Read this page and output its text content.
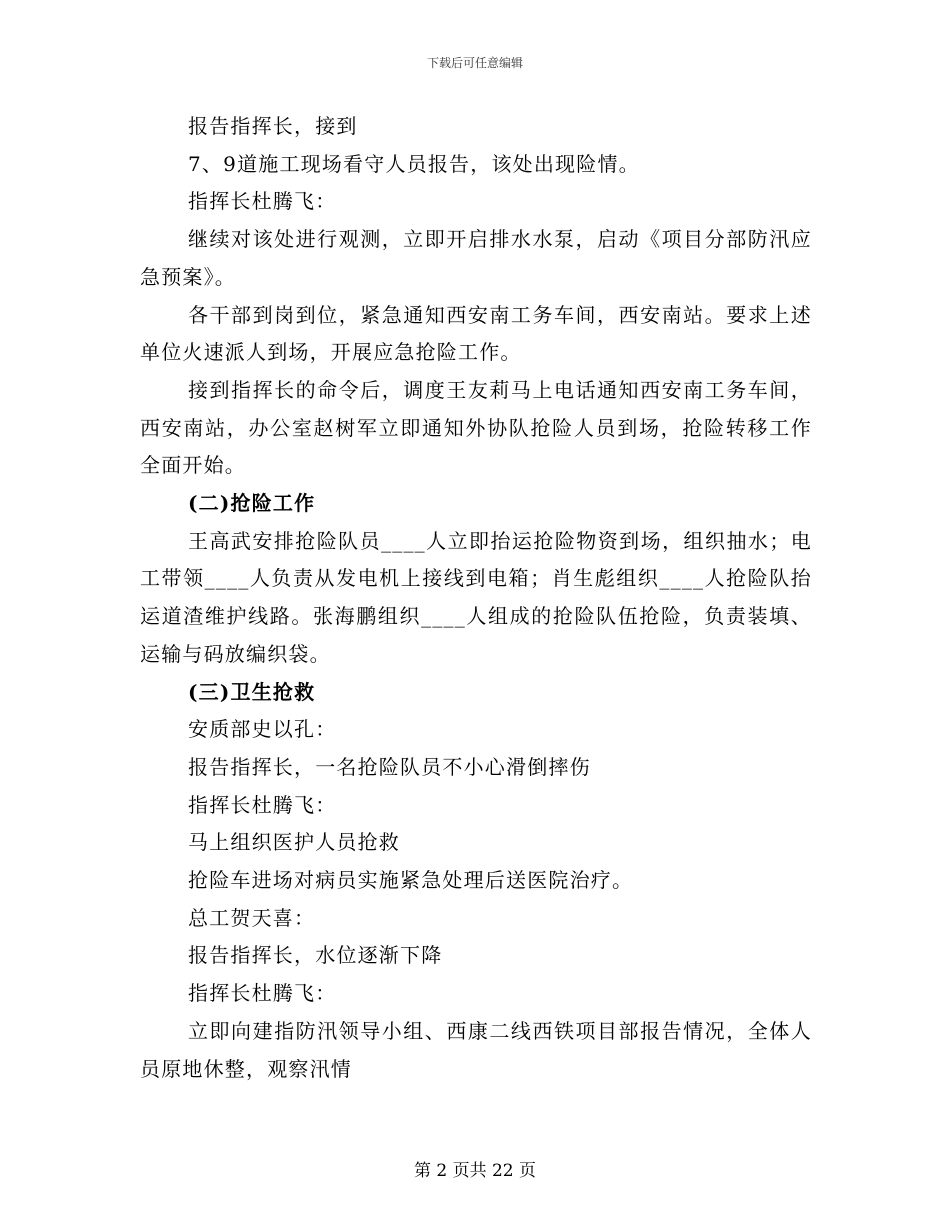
下载后可任意编辑

报告指挥长，接到

7、9道施工现场看守人员报告，该处出现险情。

指挥长杜腾飞：

继续对该处进行观测，立即开启排水水泵，启动《项目分部防汛应急预案》。

各干部到岗到位，紧急通知西安南工务车间，西安南站。要求上述单位火速派人到场，开展应急抢险工作。

接到指挥长的命令后，调度王友莉马上电话通知西安南工务车间，西安南站，办公室赵树军立即通知外协队抢险人员到场，抢险转移工作全面开始。

(二)抢险工作

王高武安排抢险队员____人立即抬运抢险物资到场，组织抽水；电工带领____人负责从发电机上接线到电箱；肖生彪组织____人抢险队抬运道渣维护线路。张海鹏组织____人组成的抢险队伍抢险，负责装填、运输与码放编织袋。

(三)卫生抢救

安质部史以孔：

报告指挥长，一名抢险队员不小心滑倒摔伤

指挥长杜腾飞：

马上组织医护人员抢救

抢险车进场对病员实施紧急处理后送医院治疗。

总工贺天喜：

报告指挥长，水位逐渐下降

指挥长杜腾飞：

立即向建指防汛领导小组、西康二线西铁项目部报告情况，全体人员原地休整，观察汛情

第 2 页共 22 页
